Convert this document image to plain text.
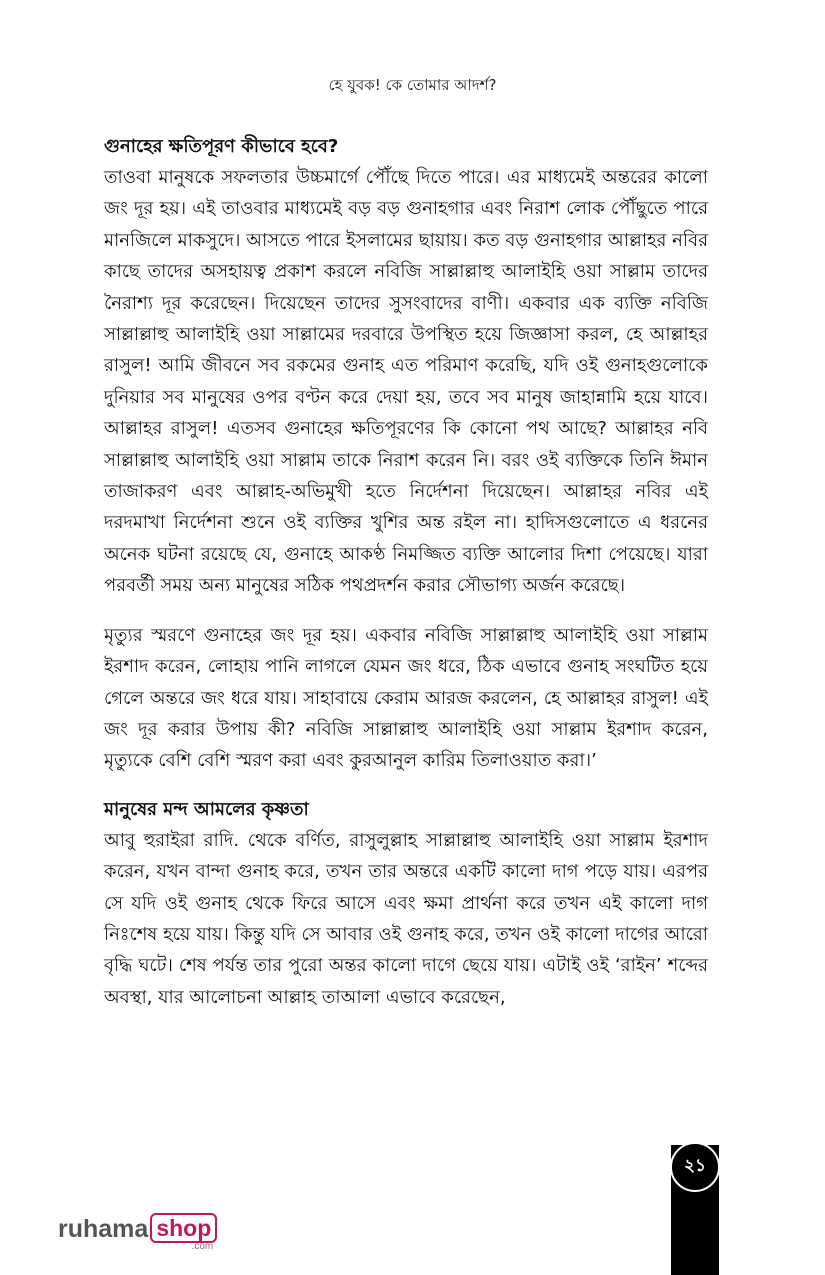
হে যুবক! কে তোমার আদর্শ?

গুনাহের ক্ষতিপূরণ কীভাবে হবে?

তাওবা মানুষকে সফলতার উচ্চমার্গে পৌঁছে দিতে পারে। এর মাধ্যমেই অন্তরের কালো জং দূর হয়। এই তাওবার মাধ্যমেই বড় বড় গুনাহগার এবং নিরাশ লোক পৌঁছুতে পারে মানজিলে মাকসুদে। আসতে পারে ইসলামের ছায়ায়। কত বড় গুনাহগার আল্লাহর নবির কাছে তাদের অসহায়ত্ব প্রকাশ করলে নবিজি সাল্লাল্লাহু আলাইহি ওয়া সাল্লাম তাদের নৈরাশ্য দূর করেছেন। দিয়েছেন তাদের সুসংবাদের বাণী। একবার এক ব্যক্তি নবিজি সাল্লাল্লাহু আলাইহি ওয়া সাল্লামের দরবারে উপস্থিত হয়ে জিজ্ঞাসা করল, হে আল্লাহর রাসুল! আমি জীবনে সব রকমের গুনাহ এত পরিমাণ করেছি, যদি ওই গুনাহগুলোকে দুনিয়ার সব মানুষের ওপর বণ্টন করে দেয়া হয়, তবে সব মানুষ জাহান্নামি হয়ে যাবে। আল্লাহর রাসুল! এতসব গুনাহের ক্ষতিপূরণের কি কোনো পথ আছে? আল্লাহর নবি সাল্লাল্লাহু আলাইহি ওয়া সাল্লাম তাকে নিরাশ করেন নি। বরং ওই ব্যক্তিকে তিনি ঈমান তাজাকরণ এবং আল্লাহ-অভিমুখী হতে নির্দেশনা দিয়েছেন। আল্লাহর নবির এই দরদমাখা নির্দেশনা শুনে ওই ব্যক্তির খুশির অন্ত রইল না। হাদিসগুলোতে এ ধরনের অনেক ঘটনা রয়েছে যে, গুনাহে আকণ্ঠ নিমজ্জিত ব্যক্তি আলোর দিশা পেয়েছে। যারা পরবর্তী সময় অন্য মানুষের সঠিক পথপ্রদর্শন করার সৌভাগ্য অর্জন করেছে।

মৃত্যুর স্মরণে গুনাহের জং দূর হয়। একবার নবিজি সাল্লাল্লাহু আলাইহি ওয়া সাল্লাম ইরশাদ করেন, লোহায় পানি লাগলে যেমন জং ধরে, ঠিক এভাবে গুনাহ সংঘটিত হয়ে গেলে অন্তরে জং ধরে যায়। সাহাবায়ে কেরাম আরজ করলেন, হে আল্লাহর রাসুল! এই জং দূর করার উপায় কী? নবিজি সাল্লাল্লাহু আলাইহি ওয়া সাল্লাম ইরশাদ করেন, মৃত্যুকে বেশি বেশি স্মরণ করা এবং কুরআনুল কারিম তিলাওয়াত করা।’

মানুষের মন্দ আমলের কৃষ্ণতা

আবু হুরাইরা রাদি. থেকে বর্ণিত, রাসুলুল্লাহ সাল্লাল্লাহু আলাইহি ওয়া সাল্লাম ইরশাদ করেন, যখন বান্দা গুনাহ করে, তখন তার অন্তরে একটি কালো দাগ পড়ে যায়। এরপর সে যদি ওই গুনাহ থেকে ফিরে আসে এবং ক্ষমা প্রার্থনা করে তখন এই কালো দাগ নিঃশেষ হয়ে যায়। কিন্তু যদি সে আবার ওই গুনাহ করে, তখন ওই কালো দাগের আরো বৃদ্ধি ঘটে। শেষ পর্যন্ত তার পুরো অন্তর কালো দাগে ছেয়ে যায়। এটাই ওই ‘রাইন’ শব্দের অবস্থা, যার আলোচনা আল্লাহ তাআলা এভাবে করেছেন,

২১
ruhama shop
.com
